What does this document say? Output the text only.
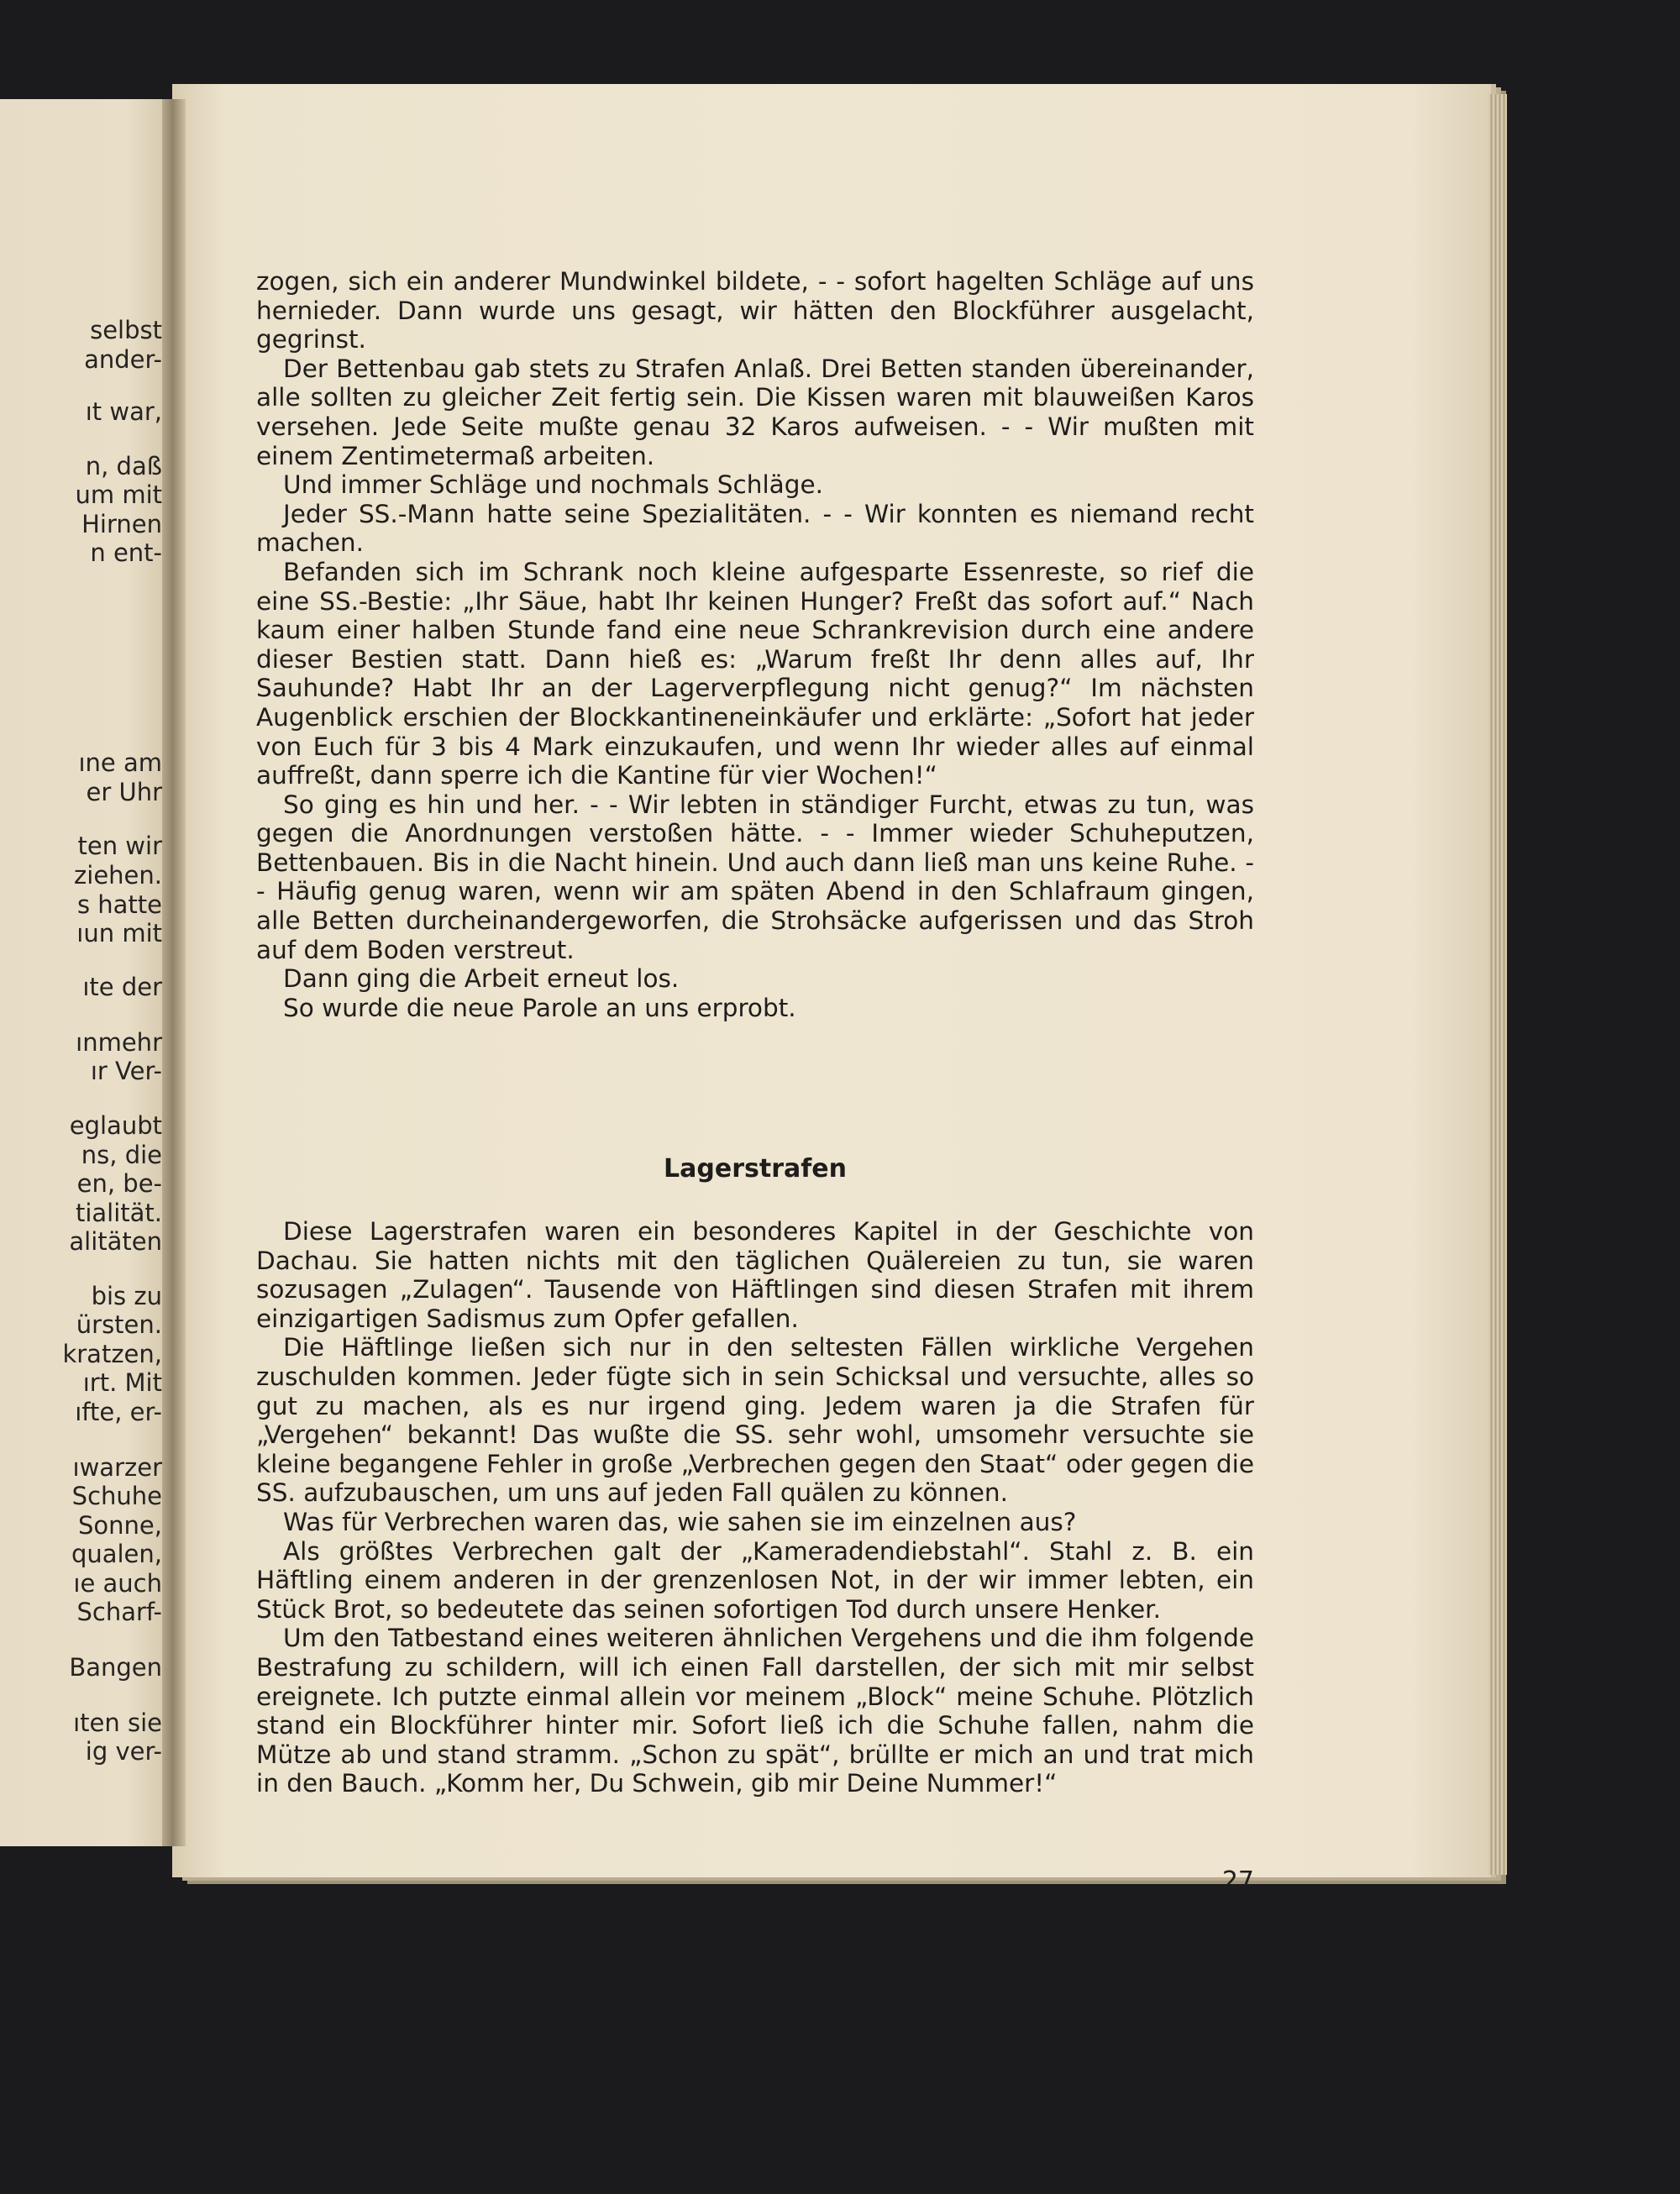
selbst
ander-
ıt war,
n, daß
um mit
Hirnen
n ent-
ıne am
er Uhr
ten wir
ziehen.
s hatte
ıun mit
ıte der
ınmehr
ır Ver-
eglaubt
ns, die
en, be-
tialität.
alitäten
bis zu
ürsten.
kratzen,
ırt. Mit
ıfte, er-
ıwarzer
Schuhe
Sonne,
qualen,
ıe auch
Scharf-
Bangen
ıten sie
ig ver-

zogen, sich ein anderer Mundwinkel bildete, - - sofort hagelten Schläge auf uns hernieder. Dann wurde uns gesagt, wir hätten den Blockführer ausgelacht, gegrinst.

Der Bettenbau gab stets zu Strafen Anlaß. Drei Betten standen übereinander, alle sollten zu gleicher Zeit fertig sein. Die Kissen waren mit blauweißen Karos versehen. Jede Seite mußte genau 32 Karos aufweisen. - - Wir mußten mit einem Zentimetermaß arbeiten.

Und immer Schläge und nochmals Schläge.

Jeder SS.-Mann hatte seine Spezialitäten. - - Wir konnten es niemand recht machen.

Befanden sich im Schrank noch kleine aufgesparte Essenreste, so rief die eine SS.-Bestie: „Ihr Säue, habt Ihr keinen Hunger? Freßt das sofort auf.“ Nach kaum einer halben Stunde fand eine neue Schrankrevision durch eine andere dieser Bestien statt. Dann hieß es: „Warum freßt Ihr denn alles auf, Ihr Sauhunde? Habt Ihr an der Lagerverpflegung nicht genug?“ Im nächsten Augenblick erschien der Blockkantineneinkäufer und erklärte: „Sofort hat jeder von Euch für 3 bis 4 Mark einzukaufen, und wenn Ihr wieder alles auf einmal auffreßt, dann sperre ich die Kantine für vier Wochen!“

So ging es hin und her. - - Wir lebten in ständiger Furcht, etwas zu tun, was gegen die Anordnungen verstoßen hätte. - - Immer wieder Schuheputzen, Bettenbauen. Bis in die Nacht hinein. Und auch dann ließ man uns keine Ruhe. - - Häufig genug waren, wenn wir am späten Abend in den Schlafraum gingen, alle Betten durcheinandergeworfen, die Strohsäcke aufgerissen und das Stroh auf dem Boden verstreut.

Dann ging die Arbeit erneut los.

So wurde die neue Parole an uns erprobt.

Lagerstrafen

Diese Lagerstrafen waren ein besonderes Kapitel in der Geschichte von Dachau. Sie hatten nichts mit den täglichen Quälereien zu tun, sie waren sozusagen „Zulagen“. Tausende von Häftlingen sind diesen Strafen mit ihrem einzigartigen Sadismus zum Opfer gefallen.

Die Häftlinge ließen sich nur in den seltesten Fällen wirkliche Vergehen zuschulden kommen. Jeder fügte sich in sein Schicksal und versuchte, alles so gut zu machen, als es nur irgend ging. Jedem waren ja die Strafen für „Vergehen“ bekannt! Das wußte die SS. sehr wohl, umsomehr versuchte sie kleine begangene Fehler in große „Verbrechen gegen den Staat“ oder gegen die SS. aufzubauschen, um uns auf jeden Fall quälen zu können.

Was für Verbrechen waren das, wie sahen sie im einzelnen aus?

Als größtes Verbrechen galt der „Kameradendiebstahl“. Stahl z. B. ein Häftling einem anderen in der grenzenlosen Not, in der wir immer lebten, ein Stück Brot, so bedeutete das seinen sofortigen Tod durch unsere Henker.

Um den Tatbestand eines weiteren ähnlichen Vergehens und die ihm folgende Bestrafung zu schildern, will ich einen Fall darstellen, der sich mit mir selbst ereignete. Ich putzte einmal allein vor meinem „Block“ meine Schuhe. Plötzlich stand ein Blockführer hinter mir. Sofort ließ ich die Schuhe fallen, nahm die Mütze ab und stand stramm. „Schon zu spät“, brüllte er mich an und trat mich in den Bauch. „Komm her, Du Schwein, gib mir Deine Nummer!“

27
